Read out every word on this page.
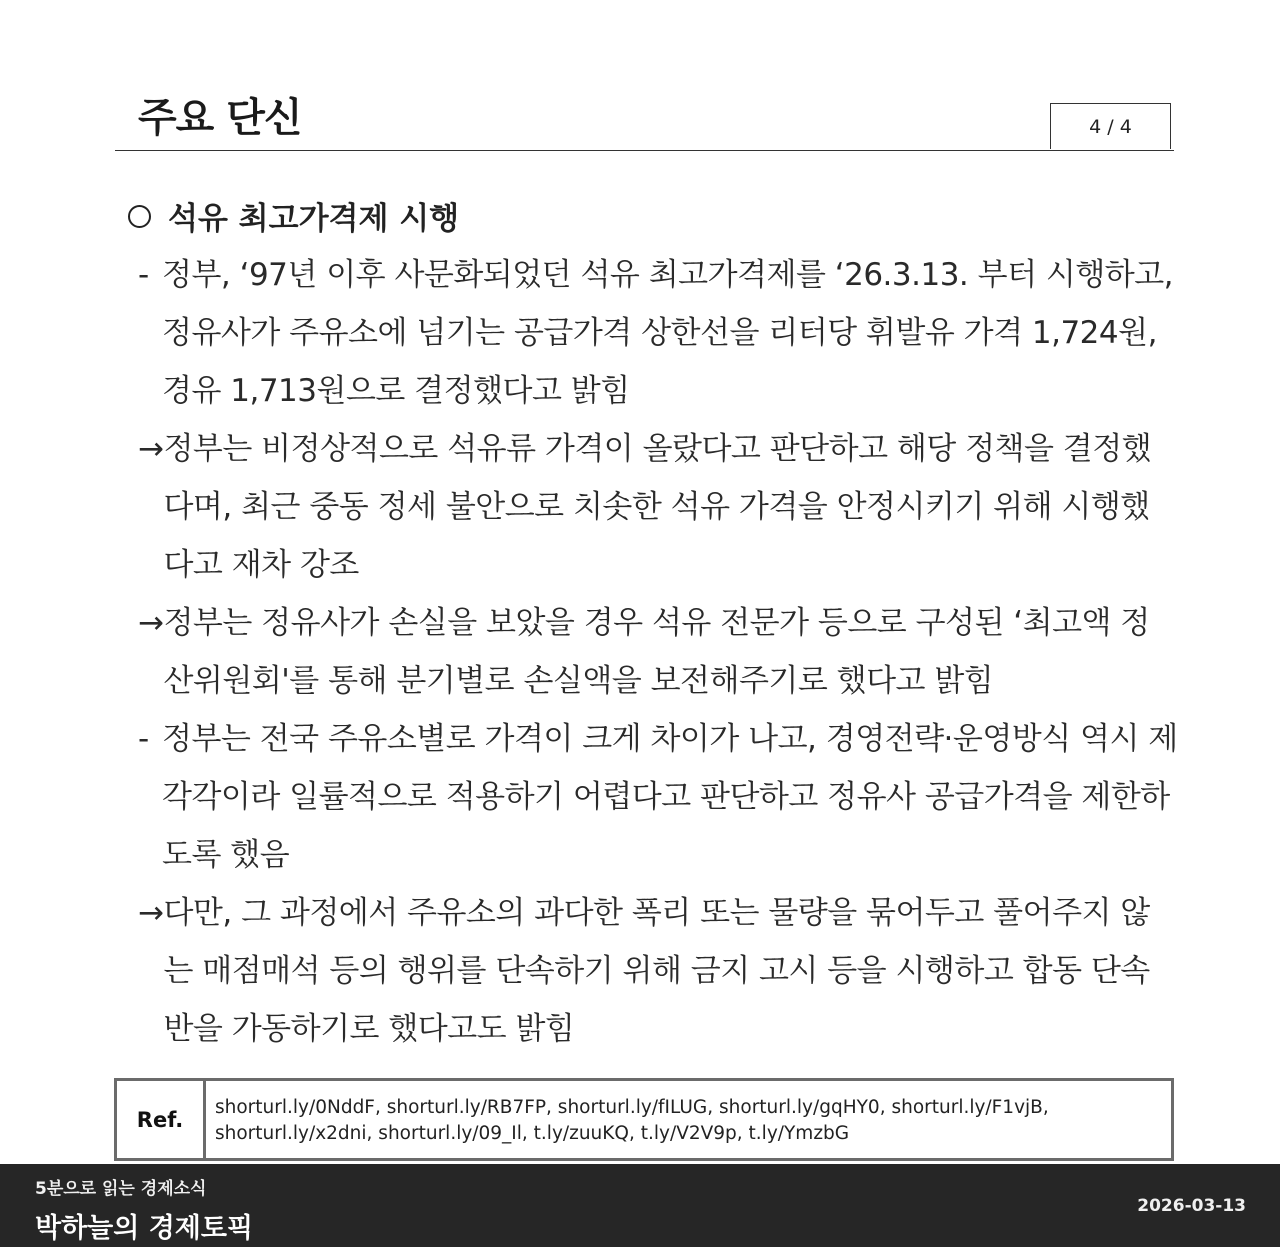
주요 단신	4 / 4
석유 최고가격제 시행
- 정부, ‘97년 이후 사문화되었던 석유 최고가격제를 ‘26.3.13. 부터 시행하고, 정유사가 주유소에 넘기는 공급가격 상한선을 리터당 휘발유 가격 1,724원, 경유 1,713원으로 결정했다고 밝힘
→ 정부는 비정상적으로 석유류 가격이 올랐다고 판단하고 해당 정책을 결정했다며, 최근 중동 정세 불안으로 치솟한 석유 가격을 안정시키기 위해 시행했다고 재차 강조
→ 정부는 정유사가 손실을 보았을 경우 석유 전문가 등으로 구성된 ‘최고액 정산위원회'를 통해 분기별로 손실액을 보전해주기로 했다고 밝힘
- 정부는 전국 주유소별로 가격이 크게 차이가 나고, 경영전략·운영방식 역시 제각각이라 일률적으로 적용하기 어렵다고 판단하고 정유사 공급가격을 제한하도록 했음
→ 다만, 그 과정에서 주유소의 과다한 폭리 또는 물량을 묶어두고 풀어주지 않는 매점매석 등의 행위를 단속하기 위해 금지 고시 등을 시행하고 합동 단속반을 가동하기로 했다고도 밝힘
Ref.	shorturl.ly/0NddF, shorturl.ly/RB7FP, shorturl.ly/fILUG, shorturl.ly/gqHY0, shorturl.ly/F1vjB, shorturl.ly/x2dni, shorturl.ly/09_Il, t.ly/zuuKQ, t.ly/V2V9p, t.ly/YmzbG
5분으로 읽는 경제소식
박하늘의 경제토픽
2026-03-13
